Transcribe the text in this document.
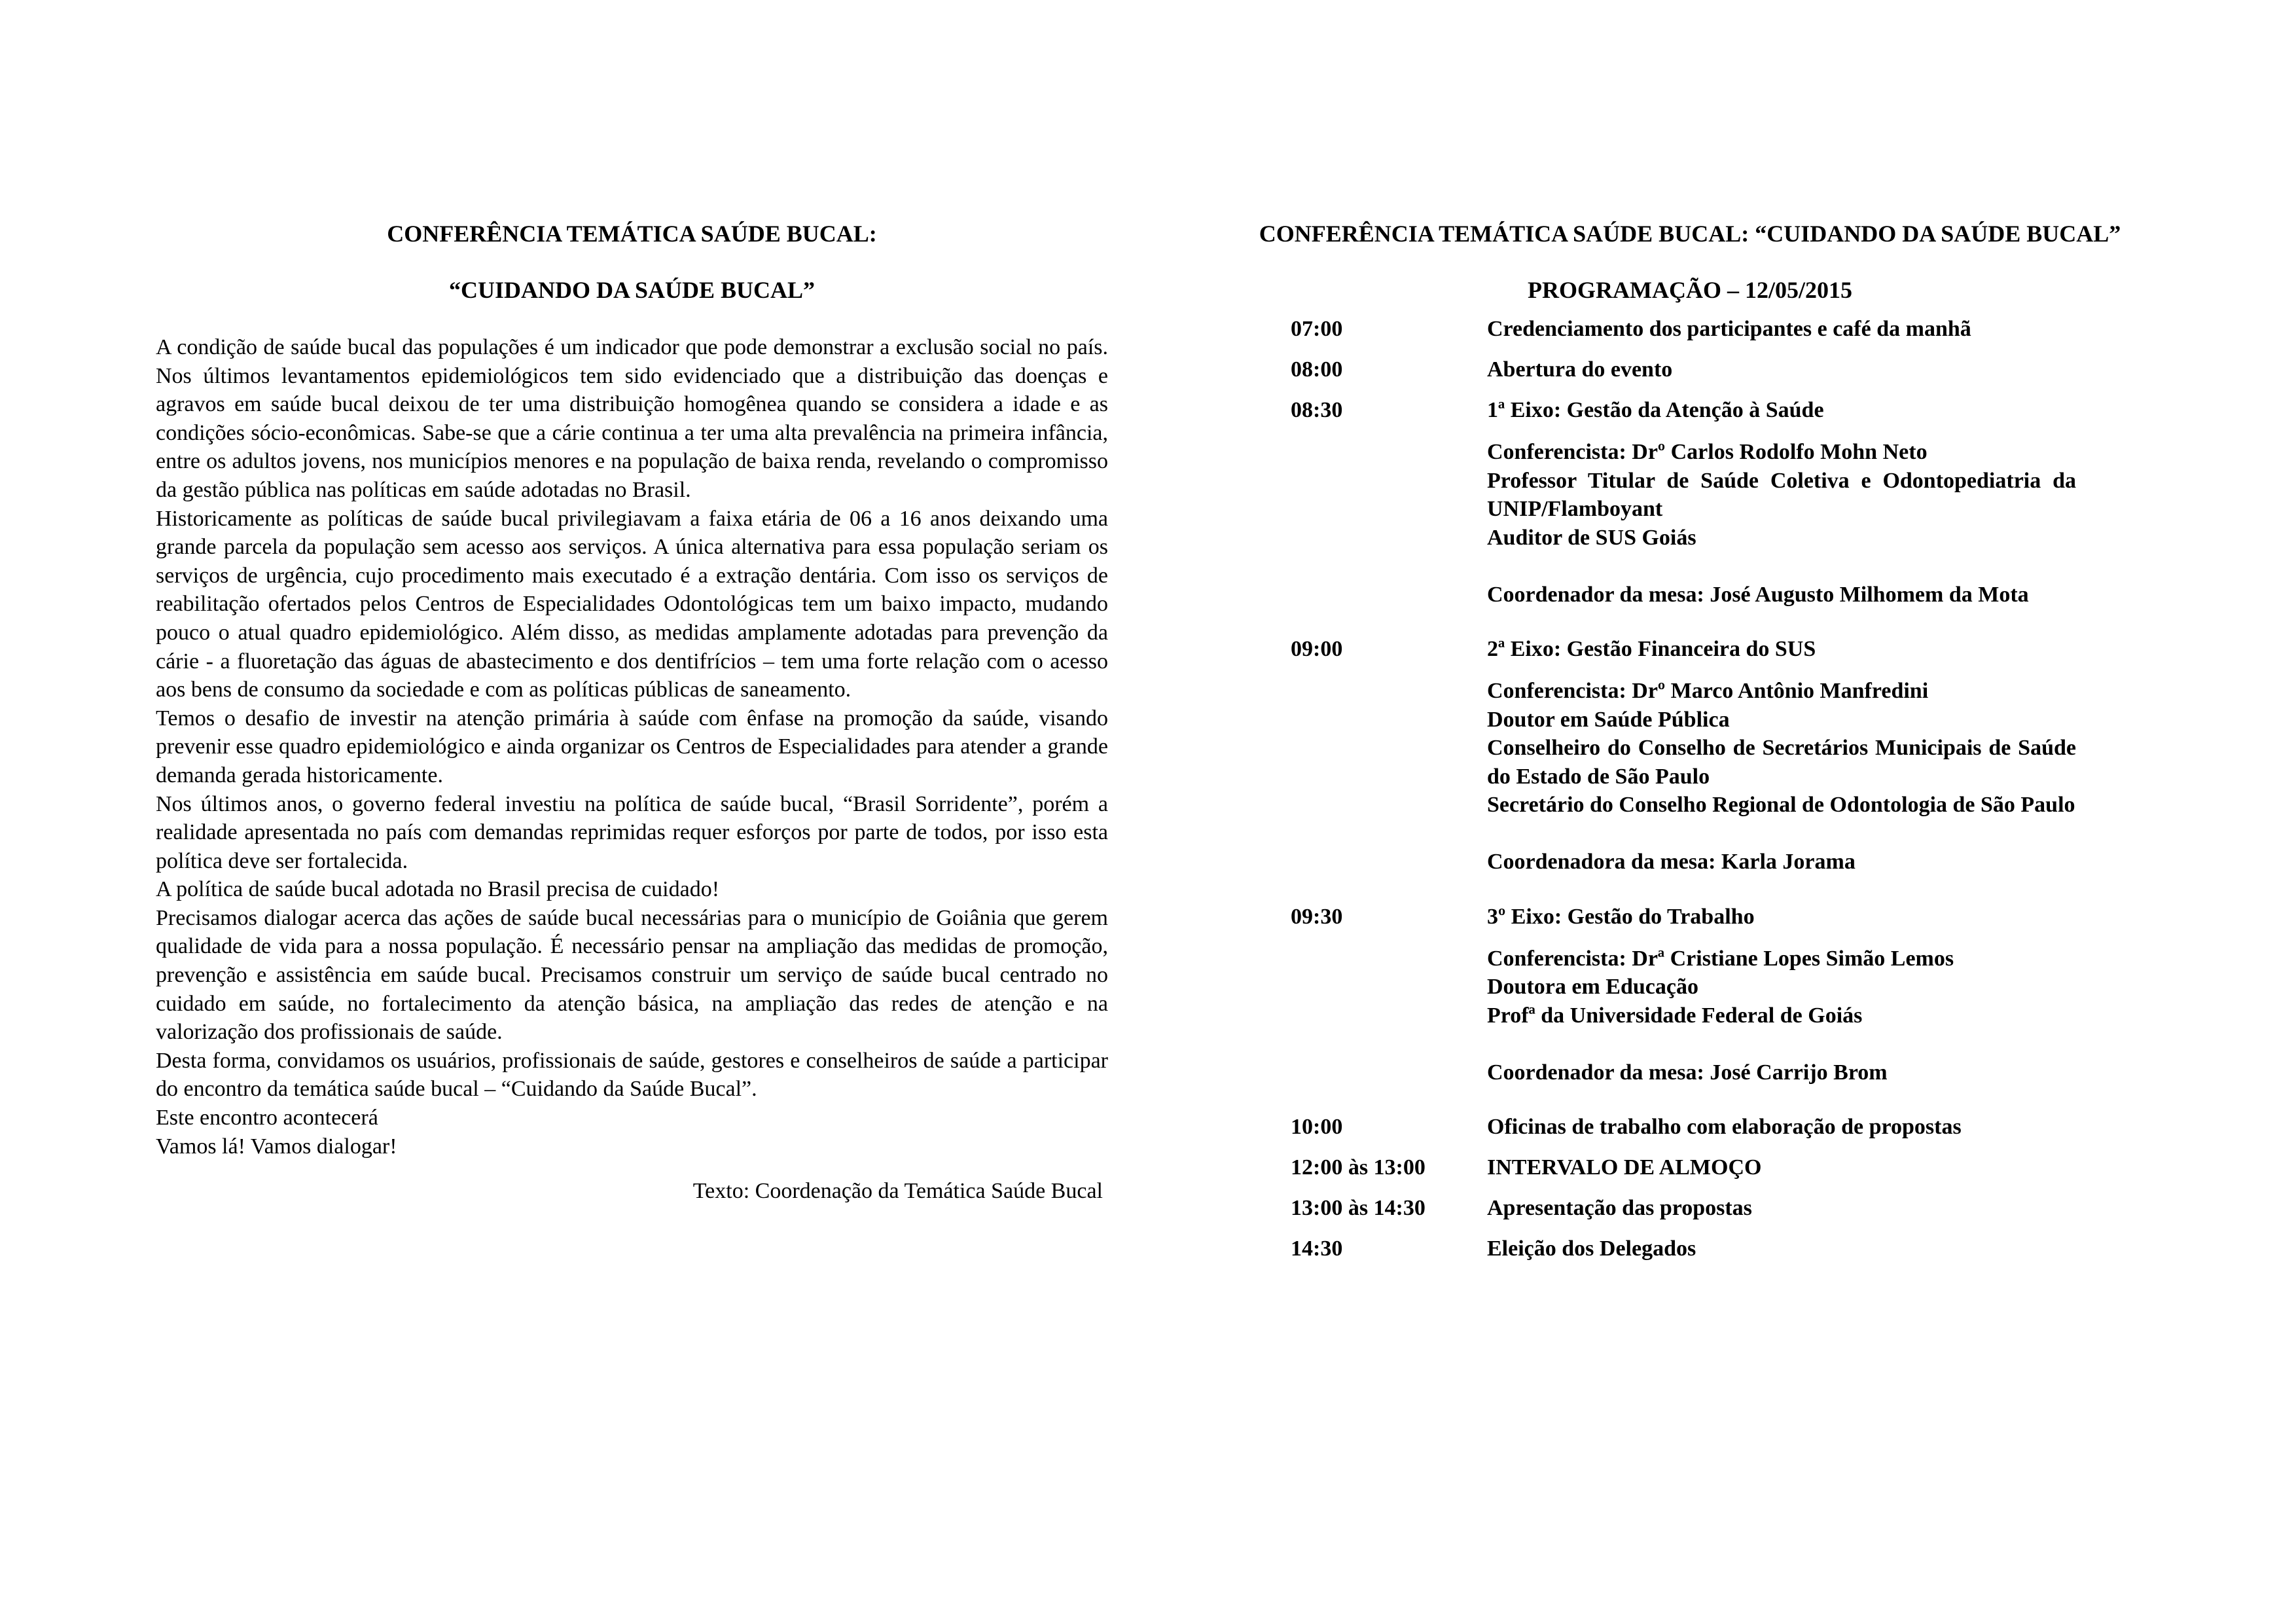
CONFERÊNCIA TEMÁTICA SAÚDE BUCAL:
“CUIDANDO DA SAÚDE BUCAL”

A condição de saúde bucal das populações é um indicador que pode demonstrar a exclusão social no país. Nos últimos levantamentos epidemiológicos tem sido evidenciado que a distribuição das doenças e agravos em saúde bucal deixou de ter uma distribuição homogênea quando se considera a idade e as condições sócio-econômicas. Sabe-se que a cárie continua a ter uma alta prevalência na primeira infância, entre os adultos jovens, nos municípios menores e na população de baixa renda, revelando o compromisso da gestão pública nas políticas em saúde adotadas no Brasil.

Historicamente as políticas de saúde bucal privilegiavam a faixa etária de 06 a 16 anos deixando uma grande parcela da população sem acesso aos serviços. A única alternativa para essa população seriam os serviços de urgência, cujo procedimento mais executado é a extração dentária. Com isso os serviços de reabilitação ofertados pelos Centros de Especialidades Odontológicas tem um baixo impacto, mudando pouco o atual quadro epidemiológico. Além disso, as medidas amplamente adotadas para prevenção da cárie - a fluoretação das águas de abastecimento e dos dentifrícios – tem uma forte relação com o acesso aos bens de consumo da sociedade e com as políticas públicas de saneamento.

Temos o desafio de investir na atenção primária à saúde com ênfase na promoção da saúde, visando prevenir esse quadro epidemiológico e ainda organizar os Centros de Especialidades para atender a grande demanda gerada historicamente.

Nos últimos anos, o governo federal investiu na política de saúde bucal, “Brasil Sorridente”, porém a realidade apresentada no país com demandas reprimidas requer esforços por parte de todos, por isso esta política deve ser fortalecida.

A política de saúde bucal adotada no Brasil precisa de cuidado!

Precisamos dialogar acerca das ações de saúde bucal necessárias para o município de Goiânia que gerem qualidade de vida para a nossa população. É necessário pensar na ampliação das medidas de promoção, prevenção e assistência em saúde bucal. Precisamos construir um serviço de saúde bucal centrado no cuidado em saúde, no fortalecimento da atenção básica, na ampliação das redes de atenção e na valorização dos profissionais de saúde.

Desta forma, convidamos os usuários, profissionais de saúde, gestores e conselheiros de saúde a participar do encontro da temática saúde bucal – “Cuidando da Saúde Bucal”.

Este encontro acontecerá

Vamos lá! Vamos dialogar!

Texto: Coordenação da Temática Saúde Bucal
CONFERÊNCIA TEMÁTICA SAÚDE BUCAL: “CUIDANDO DA SAÚDE BUCAL”
PROGRAMAÇÃO – 12/05/2015
07:00	Credenciamento dos participantes e café da manhã
08:00	Abertura do evento
08:30	1ª Eixo: Gestão da Atenção à Saúde

Conferencista: Drº Carlos Rodolfo Mohn Neto

Professor Titular de Saúde Coletiva e Odontopediatria da UNIP/Flamboyant

Auditor de SUS Goiás

Coordenador da mesa: José Augusto Milhomem da Mota

09:00	2ª Eixo: Gestão Financeira do SUS

Conferencista: Drº Marco Antônio Manfredini

Doutor em Saúde Pública

Conselheiro do Conselho de Secretários Municipais de Saúde do Estado de São Paulo

Secretário do Conselho Regional de Odontologia de São Paulo

Coordenadora da mesa: Karla Jorama

09:30	3º Eixo: Gestão do Trabalho

Conferencista: Drª Cristiane Lopes Simão Lemos

Doutora em Educação

Profª da Universidade Federal de Goiás

Coordenador da mesa: José Carrijo Brom

10:00	Oficinas de trabalho com elaboração de propostas
12:00 às 13:00	INTERVALO DE ALMOÇO
13:00 às 14:30	Apresentação das propostas
14:30	Eleição dos Delegados
